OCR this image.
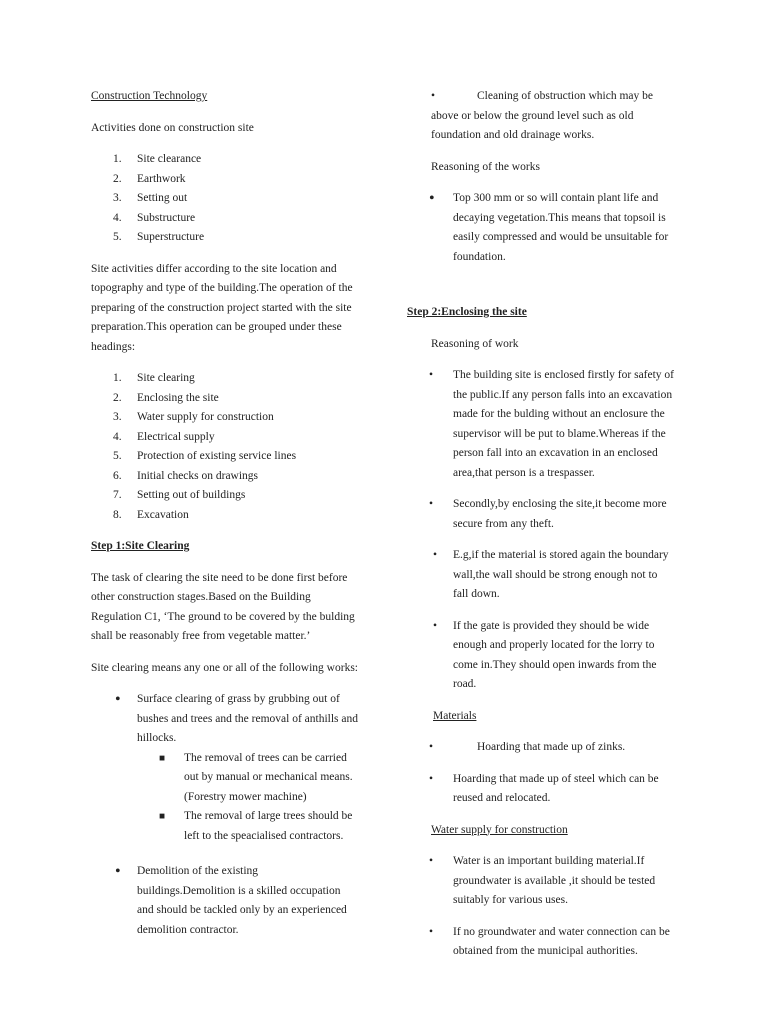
Construction Technology

Activities done on construction site

1. Site clearance
2. Earthwork
3. Setting out
4. Substructure
5. Superstructure

Site activities differ according to the site location and

topography and type of the building.The operation of the

preparing of the construction project started with the site

preparation.This operation can be grouped under these

headings:

1. Site clearing
2. Enclosing the site
3. Water supply for construction
4. Electrical supply
5. Protection of existing service lines
6. Initial checks on drawings
7. Setting out of buildings
8. Excavation

Step 1:Site Clearing

The task of clearing the site need to be done first before

other construction stages.Based on the Building

Regulation C1, ‘The ground to be covered by the bulding

shall be reasonably free from vegetable matter.’

Site clearing means any one or all of the following works:

• Surface clearing of grass by grubbing out of

bushes and trees and the removal of anthills and

hillocks.

■ The removal of trees can be carried

out by manual or mechanical means.

(Forestry mower machine)

■ The removal of large trees should be

left to the speacialised contractors.

• Demolition of the existing

buildings.Demolition is a skilled occupation

and should be tackled only by an experienced

demolition contractor.

•	Cleaning of obstruction which may be

above or below the ground level such as old

foundation and old drainage works.

Reasoning of the works

• Top 300 mm or so will contain plant life and

decaying vegetation.This means that topsoil is

easily compressed and would be unsuitable for

foundation.

Step 2:Enclosing the site

Reasoning of work

• The building site is enclosed firstly for safety of

the public.If any person falls into an excavation

made for the bulding without an enclosure the

supervisor will be put to blame.Whereas if the

person fall into an excavation in an enclosed

area,that person is a trespasser.

• Secondly,by enclosing the site,it become more

secure from any theft.

• E.g,if the material is stored again the boundary

wall,the wall should be strong enough not to

fall down.

• If the gate is provided they should be wide

enough and properly located for the lorry to

come in.They should open inwards from the

road.

Materials

•	Hoarding that made up of zinks.

• Hoarding that made up of steel which can be

reused and relocated.

Water supply for construction

• Water is an important building material.If

groundwater is available ,it should be tested

suitably for various uses.

• If no groundwater and water connection can be

obtained from the municipal authorities.
